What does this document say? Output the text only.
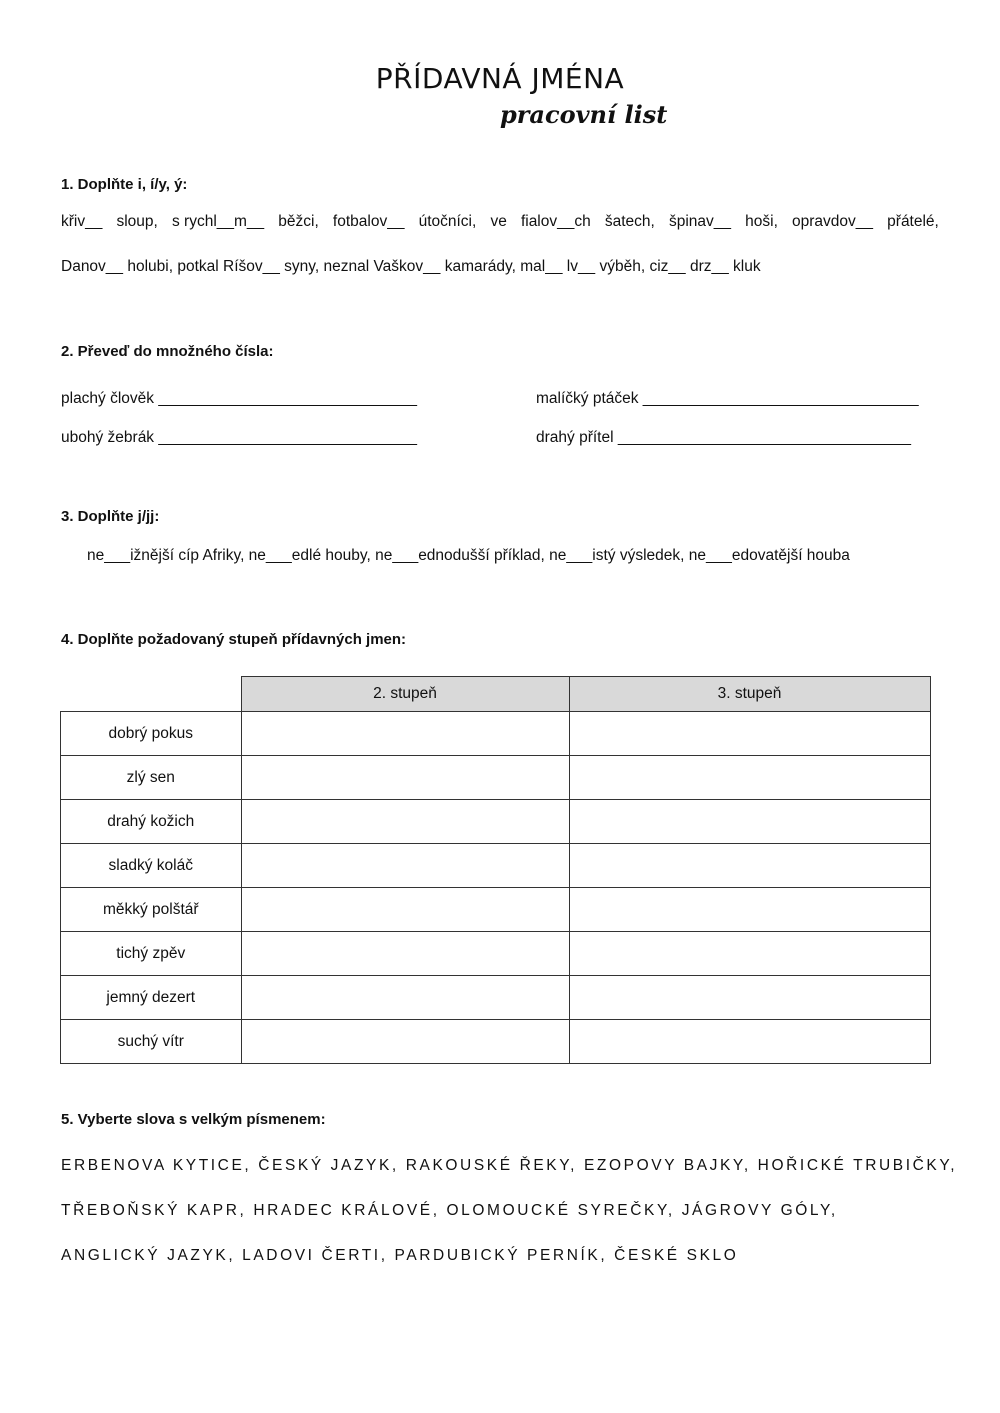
PŘÍDAVNÁ JMÉNA
pracovní list
1. Doplňte i, í/y, ý:
křiv__ sloup, s rychl__m__ běžci, fotbalov__ útočníci, ve fialov__ch šatech, špinav__ hoši, opravdov__ přátelé,
Danov__ holubi, potkal Ríšov__ syny, neznal Vaškov__ kamarády, mal__ lv__ výběh, ciz__ drz__ kluk
2. Převeď do množného čísla:
plachý člověk ______________________________	malíčký ptáček ________________________________
ubohý žebrák ______________________________	drahý přítel __________________________________
3. Doplňte j/jj:
ne___ižnější cíp Afriky, ne___edlé houby, ne___ednodušší příklad, ne___istý výsledek, ne___edovatější houba
4. Doplňte požadovaný stupeň přídavných jmen:
	2. stupeň	3. stupeň
dobrý pokus		
zlý sen		
drahý kožich		
sladký koláč		
měkký polštář		
tichý zpěv		
jemný dezert		
suchý vítr		
5. Vyberte slova s velkým písmenem:
ERBENOVA KYTICE, ČESKÝ JAZYK, RAKOUSKÉ ŘEKY, EZOPOVY BAJKY, HOŘICKÉ TRUBIČKY,
TŘEBOŇSKÝ KAPR, HRADEC KRÁLOVÉ, OLOMOUCKÉ SYREČKY, JÁGROVY GÓLY,
ANGLICKÝ JAZYK, LADOVI ČERTI, PARDUBICKÝ PERNÍK, ČESKÉ SKLO
